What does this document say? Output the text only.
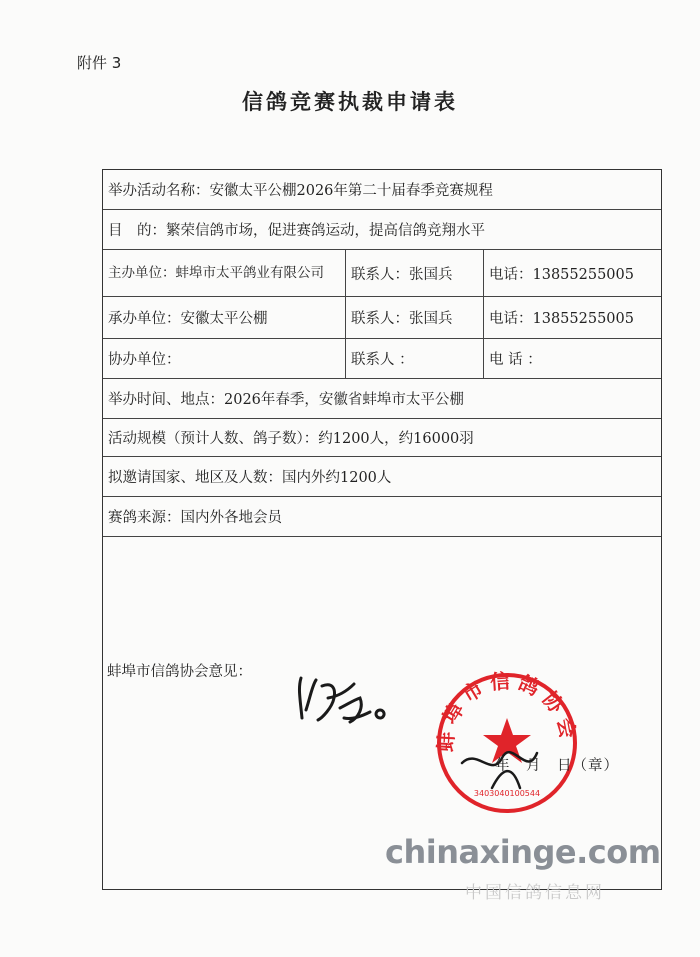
附件 3
信鸽竞赛执裁申请表
举办活动名称：安徽太平公棚2026年第二十届春季竞赛规程
目　的：繁荣信鸽市场，促进赛鸽运动，提高信鸽竞翔水平
主办单位：蚌埠市太平鸽业有限公司	联系人：张国兵	电话：13855255005
承办单位：安徽太平公棚	联系人：张国兵	电话：13855255005
协办单位：	联系人 ：	电 话 ：
举办时间、地点：2026年春季，安徽省蚌埠市太平公棚
活动规模（预计人数、鸽子数）：约1200人，约16000羽
拟邀请国家、地区及人数：国内外约1200人
赛鸽来源：国内外各地会员
蚌埠市信鸽协会意见：
蚌埠市信鸽协会
3403040100544
年　月　日（章）
chinaxinge.com
中国信鸽信息网
